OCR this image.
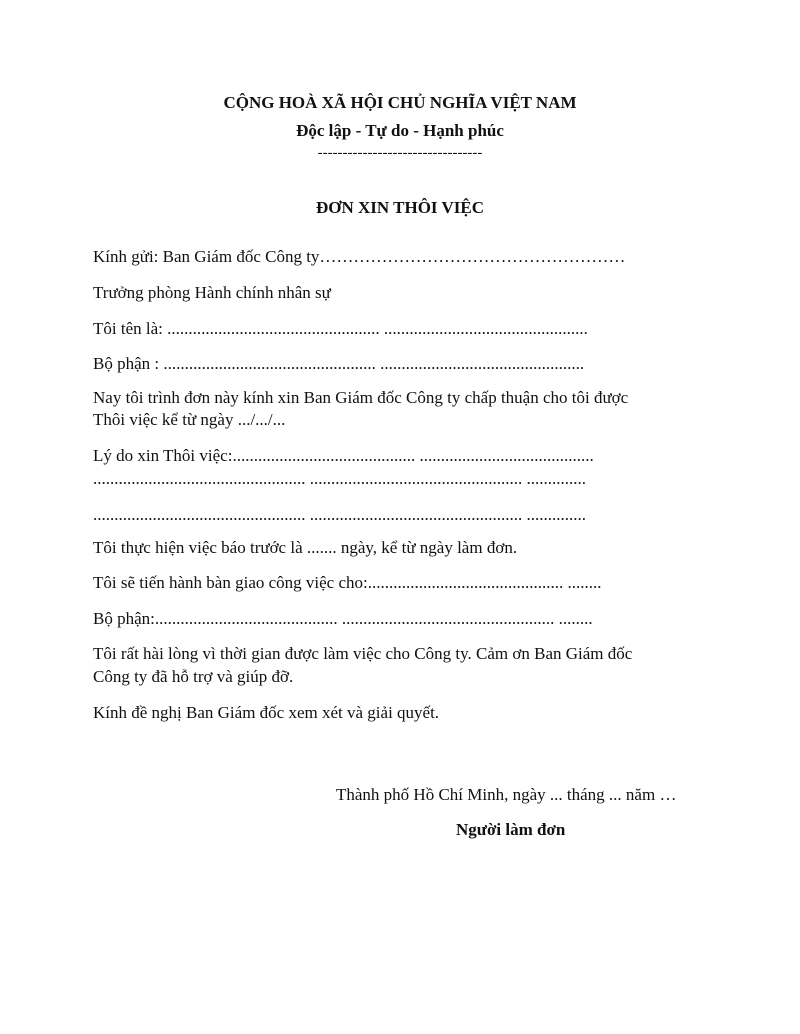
CỘNG HOÀ XÃ HỘI CHỦ NGHĨA VIỆT NAM
Độc lập - Tự do - Hạnh phúc
---------------------------------
ĐƠN XIN THÔI VIỆC
Kính gửi: Ban Giám đốc Công ty………………………………………………
Trưởng phòng Hành chính nhân sự
Tôi tên là: .................................................. ................................................
Bộ phận : .................................................. ................................................
Nay tôi trình đơn này kính xin Ban Giám đốc Công ty chấp thuận cho tôi được
Thôi việc kể từ ngày .../.../...
Lý do xin Thôi việc:........................................... .........................................
.................................................. .................................................. ..............
.................................................. .................................................. ..............
Tôi thực hiện việc báo trước là ....... ngày, kể từ ngày làm đơn.
Tôi sẽ tiến hành bàn giao công việc cho:.............................................. ........
Bộ phận:........................................... .................................................. ........
Tôi rất hài lòng vì thời gian được làm việc cho Công ty. Cảm ơn Ban Giám đốc
Công ty đã hỗ trợ và giúp đỡ.
Kính đề nghị Ban Giám đốc xem xét và giải quyết.
Thành phố Hồ Chí Minh, ngày ... tháng ... năm …
Người làm đơn
